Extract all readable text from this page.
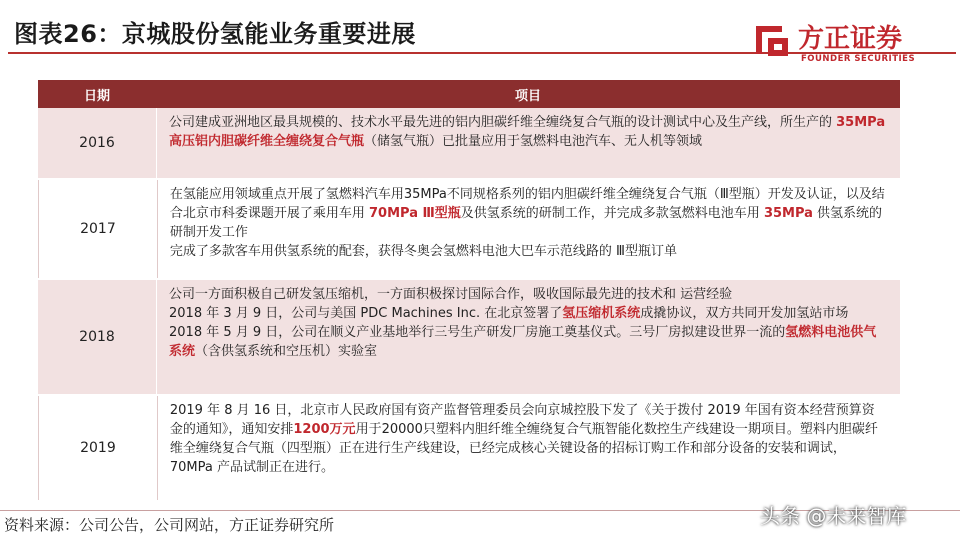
图表26：京城股份氢能业务重要进展	方正证券
FOUNDER SECURITIES
日期	项目
2016
公司建成亚洲地区最具规模的、技术水平最先进的铝内胆碳纤维全缠绕复合气瓶的设计测试中心及生产线，所生产的 35MPa 高压铝内胆碳纤维全缠绕复合气瓶（储氢气瓶）已批量应用于氢燃料电池汽车、无人机等领域
2017
在氢能应用领域重点开展了氢燃料汽车用35MPa不同规格系列的铝内胆碳纤维全缠绕复合气瓶（Ⅲ型瓶）开发及认证，以及结合北京市科委课题开展了乘用车用 70MPa Ⅲ型瓶及供氢系统的研制工作，并完成多款氢燃料电池车用 35MPa 供氢系统的研制开发工作
完成了多款客车用供氢系统的配套，获得冬奥会氢燃料电池大巴车示范线路的 Ⅲ型瓶订单
2018
公司一方面积极自己研发氢压缩机，一方面积极探讨国际合作，吸收国际最先进的技术和 运营经验
2018 年 3 月 9 日，公司与美国 PDC Machines Inc. 在北京签署了氢压缩机系统成撬协议，双方共同开发加氢站市场
2018 年 5 月 9 日，公司在顺义产业基地举行三号生产研发厂房施工奠基仪式。三号厂房拟建设世界一流的氢燃料电池供气系统（含供氢系统和空压机）实验室
2019
2019 年 8 月 16 日，北京市人民政府国有资产监督管理委员会向京城控股下发了《关于拨付 2019 年国有资本经营预算资金的通知》，通知安排1200万元用于20000只塑料内胆纤维全缠绕复合气瓶智能化数控生产线建设一期项目。塑料内胆碳纤维全缠绕复合气瓶（四型瓶）正在进行生产线建设，已经完成核心关键设备的招标订购工作和部分设备的安装和调试， 70MPa 产品试制正在进行。
资料来源：公司公告，公司网站，方正证券研究所	头条 @未来智库
